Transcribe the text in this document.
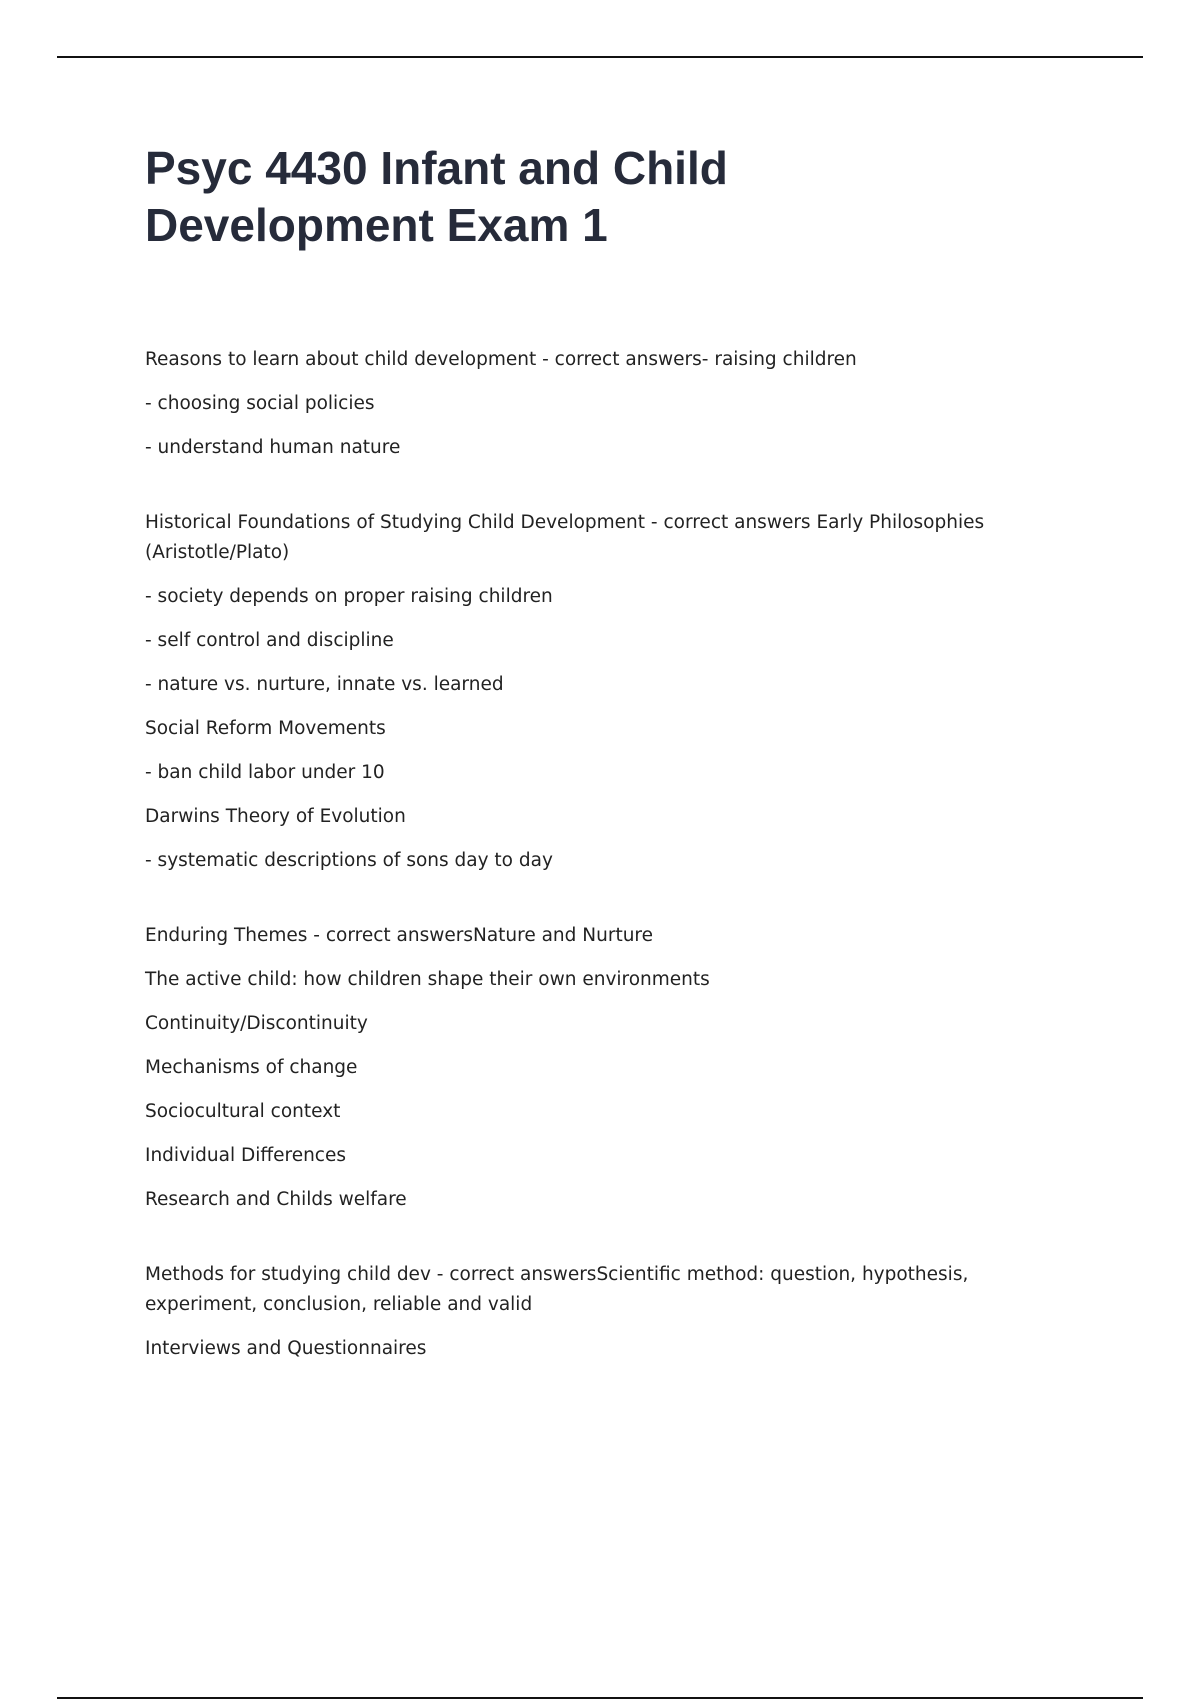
Psyc 4430 Infant and Child Development Exam 1

Reasons to learn about child development - correct answers- raising children

- choosing social policies

- understand human nature

Historical Foundations of Studying Child Development - correct answers Early Philosophies (Aristotle/Plato)

- society depends on proper raising children

- self control and discipline

- nature vs. nurture, innate vs. learned

Social Reform Movements

- ban child labor under 10

Darwins Theory of Evolution

- systematic descriptions of sons day to day

Enduring Themes - correct answersNature and Nurture

The active child: how children shape their own environments

Continuity/Discontinuity

Mechanisms of change

Sociocultural context

Individual Differences

Research and Childs welfare

Methods for studying child dev - correct answersScientific method: question, hypothesis, experiment, conclusion, reliable and valid

Interviews and Questionnaires
